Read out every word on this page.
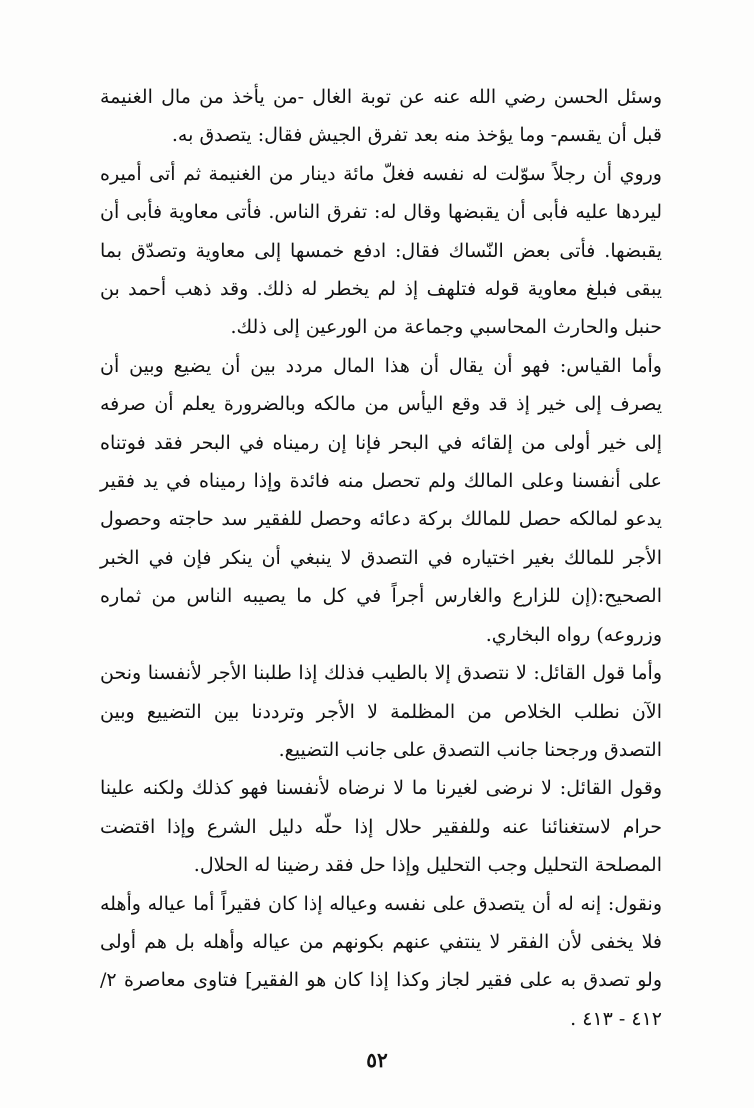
وسئل الحسن رضي الله عنه عن توبة الغال -من يأخذ من مال الغنيمة قبل أن يقسم- وما يؤخذ منه بعد تفرق الجيش فقال: يتصدق به.

وروي أن رجلاً سوّلت له نفسه فغلّ مائة دينار من الغنيمة ثم أتى أميره ليردها عليه فأبى أن يقبضها وقال له: تفرق الناس. فأتى معاوية فأبى أن يقبضها. فأتى بعض النّساك فقال: ادفع خمسها إلى معاوية وتصدّق بما يبقى فبلغ معاوية قوله فتلهف إذ لم يخطر له ذلك. وقد ذهب أحمد بن حنبل والحارث المحاسبي وجماعة من الورعين إلى ذلك.

وأما القياس: فهو أن يقال أن هذا المال مردد بين أن يضيع وبين أن يصرف إلى خير إذ قد وقع اليأس من مالكه وبالضرورة يعلم أن صرفه إلى خير أولى من إلقائه في البحر فإنا إن رميناه في البحر فقد فوتناه على أنفسنا وعلى المالك ولم تحصل منه فائدة وإذا رميناه في يد فقير يدعو لمالكه حصل للمالك بركة دعائه وحصل للفقير سد حاجته وحصول الأجر للمالك بغير اختياره في التصدق لا ينبغي أن ينكر فإن في الخبر الصحيح:(إن للزارع والغارس أجراً في كل ما يصيبه الناس من ثماره وزروعه) رواه البخاري.

وأما قول القائل: لا نتصدق إلا بالطيب فذلك إذا طلبنا الأجر لأنفسنا ونحن الآن نطلب الخلاص من المظلمة لا الأجر وترددنا بين التضييع وبين التصدق ورجحنا جانب التصدق على جانب التضييع.

وقول القائل: لا نرضى لغيرنا ما لا نرضاه لأنفسنا فهو كذلك ولكنه علينا حرام لاستغنائنا عنه وللفقير حلال إذا حلّه دليل الشرع وإذا اقتضت المصلحة التحليل وجب التحليل وإذا حل فقد رضينا له الحلال.

ونقول: إنه له أن يتصدق على نفسه وعياله إذا كان فقيراً أما عياله وأهله فلا يخفى لأن الفقر لا ينتفي عنهم بكونهم من عياله وأهله بل هم أولى ولو تصدق به على فقير لجاز وكذا إذا كان هو الفقير] فتاوى معاصرة ٢/ ٤١٢ - ٤١٣ .

٥٢
